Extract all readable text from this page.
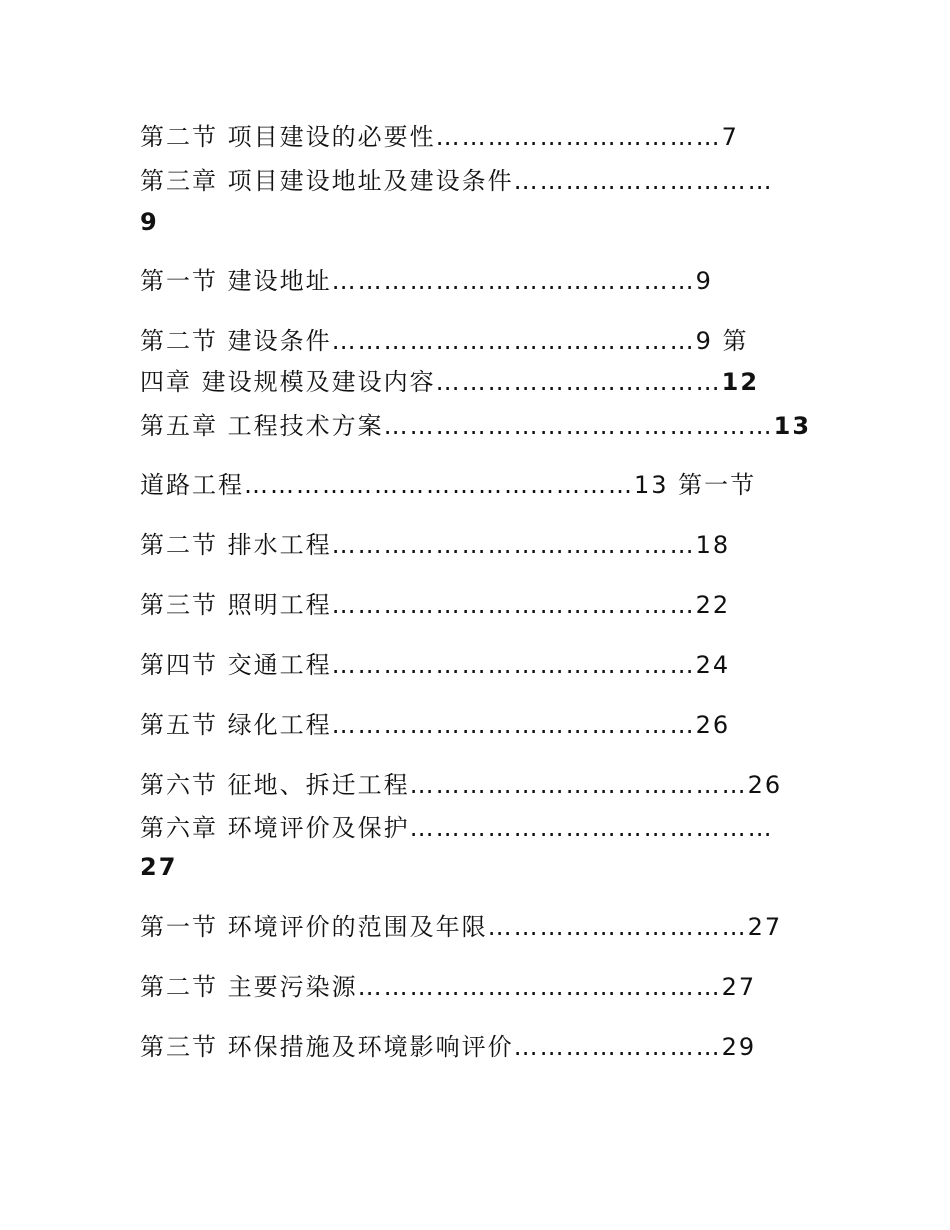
第二节 项目建设的必要性……………………………7
第三章 项目建设地址及建设条件…………………………
9
第一节 建设地址……………………………………9
第二节 建设条件……………………………………9 第
四章 建设规模及建设内容……………………………12
第五章 工程技术方案………………………………………13
道路工程………………………………………13 第一节
第二节 排水工程……………………………………18
第三节 照明工程……………………………………22
第四节 交通工程……………………………………24
第五节 绿化工程……………………………………26
第六节 征地、拆迁工程…………………………………26
第六章 环境评价及保护……………………………………
27
第一节 环境评价的范围及年限…………………………27
第二节 主要污染源……………………………………27
第三节 环保措施及环境影响评价……………………29
